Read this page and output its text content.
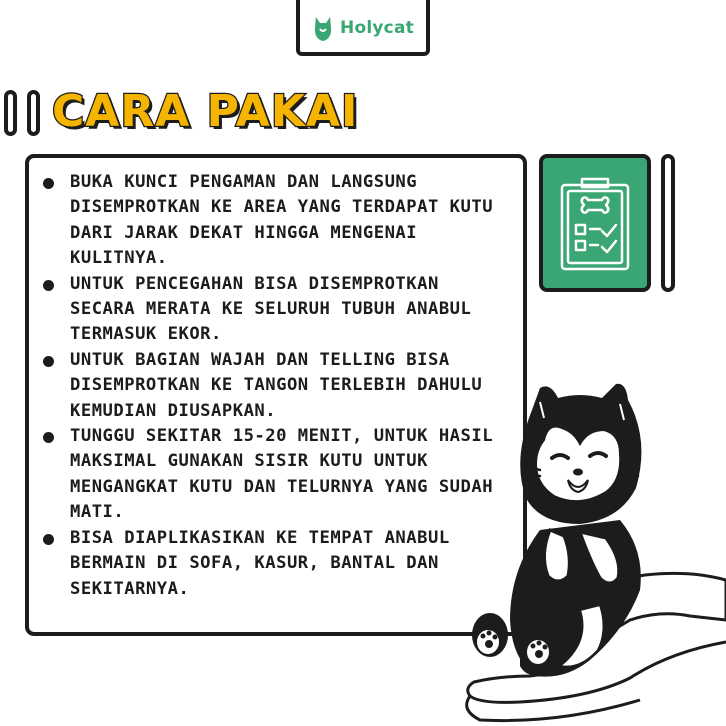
Holycat
CARA PAKAI
BUKA KUNCI PENGAMAN DAN LANGSUNG DISEMPROTKAN KE AREA YANG TERDAPAT KUTU DARI JARAK DEKAT HINGGA MENGENAI KULITNYA.
UNTUK PENCEGAHAN BISA DISEMPROTKAN SECARA MERATA KE SELURUH TUBUH ANABUL TERMASUK EKOR.
UNTUK BAGIAN WAJAH DAN TELLING BISA DISEMPROTKAN KE TANGON TERLEBIH DAHULU KEMUDIAN DIUSAPKAN.
TUNGGU SEKITAR 15-20 MENIT, UNTUK HASIL MAKSIMAL GUNAKAN SISIR KUTU UNTUK MENGANGKAT KUTU DAN TELURNYA YANG SUDAH MATI.
BISA DIAPLIKASIKAN KE TEMPAT ANABUL BERMAIN DI SOFA, KASUR, BANTAL DAN SEKITARNYA.
